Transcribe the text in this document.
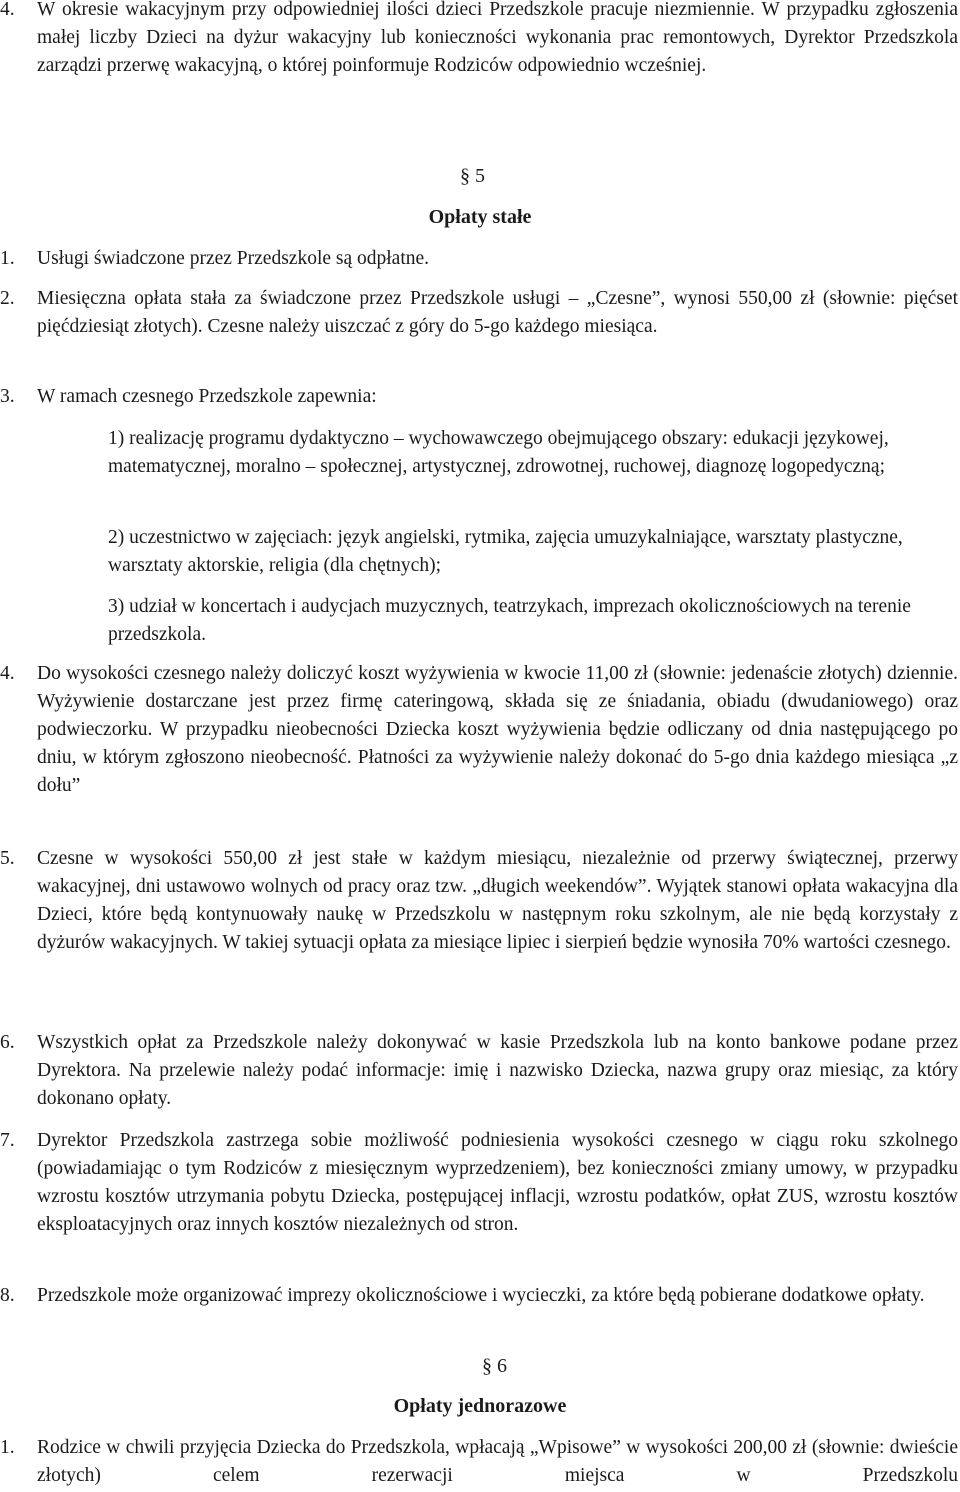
4.	W okresie wakacyjnym przy odpowiedniej ilości dzieci Przedszkole pracuje niezmiennie. W przypadku zgłoszenia małej liczby Dzieci na dyżur wakacyjny lub konieczności wykonania prac remontowych, Dyrektor Przedszkola zarządzi przerwę wakacyjną, o której poinformuje Rodziców odpowiednio wcześniej.
§ 5
Opłaty stałe
1.	Usługi świadczone przez Przedszkole są odpłatne.
2.	Miesięczna opłata stała za świadczone przez Przedszkole usługi – „Czesne”, wynosi 550,00 zł (słownie: pięćset pięćdziesiąt złotych). Czesne należy uiszczać z góry do 5-go każdego miesiąca.
3.	W ramach czesnego Przedszkole zapewnia:
1) realizację programu dydaktyczno – wychowawczego obejmującego obszary: edukacji językowej, matematycznej, moralno – społecznej, artystycznej, zdrowotnej, ruchowej, diagnozę logopedyczną;
2) uczestnictwo w zajęciach: język angielski, rytmika, zajęcia umuzykalniające, warsztaty plastyczne, warsztaty aktorskie, religia (dla chętnych);
3) udział w koncertach i audycjach muzycznych, teatrzykach, imprezach okolicznościowych na terenie przedszkola.
4.	Do wysokości czesnego należy doliczyć koszt wyżywienia w kwocie 11,00 zł (słownie: jedenaście złotych) dziennie. Wyżywienie dostarczane jest przez firmę cateringową, składa się ze śniadania, obiadu (dwudaniowego) oraz podwieczorku. W przypadku nieobecności Dziecka koszt wyżywienia będzie odliczany od dnia następującego po dniu, w którym zgłoszono nieobecność. Płatności za wyżywienie należy dokonać do 5-go dnia każdego miesiąca „z dołu”
5.	Czesne w wysokości 550,00 zł jest stałe w każdym miesiącu, niezależnie od przerwy świątecznej, przerwy wakacyjnej, dni ustawowo wolnych od pracy oraz tzw. „długich weekendów”. Wyjątek stanowi opłata wakacyjna dla Dzieci, które będą kontynuowały naukę w Przedszkolu w następnym roku szkolnym, ale nie będą korzystały z dyżurów wakacyjnych. W takiej sytuacji opłata za miesiące lipiec i sierpień będzie wynosiła 70% wartości czesnego.
6.	Wszystkich opłat za Przedszkole należy dokonywać w kasie Przedszkola lub na konto bankowe podane przez Dyrektora. Na przelewie należy podać informacje: imię i nazwisko Dziecka, nazwa grupy oraz miesiąc, za który dokonano opłaty.
7.	Dyrektor Przedszkola zastrzega sobie możliwość podniesienia wysokości czesnego w ciągu roku szkolnego (powiadamiając o tym Rodziców z miesięcznym wyprzedzeniem), bez konieczności zmiany umowy, w przypadku wzrostu kosztów utrzymania pobytu Dziecka, postępującej inflacji, wzrostu podatków, opłat ZUS, wzrostu kosztów eksploatacyjnych oraz innych kosztów niezależnych od stron.
8.	Przedszkole może organizować imprezy okolicznościowe i wycieczki, za które będą pobierane dodatkowe opłaty.
§ 6
Opłaty jednorazowe
1.	Rodzice w chwili przyjęcia Dziecka do Przedszkola, wpłacają „Wpisowe” w wysokości 200,00 zł (słownie: dwieście złotych) celem rezerwacji miejsca w Przedszkolu
